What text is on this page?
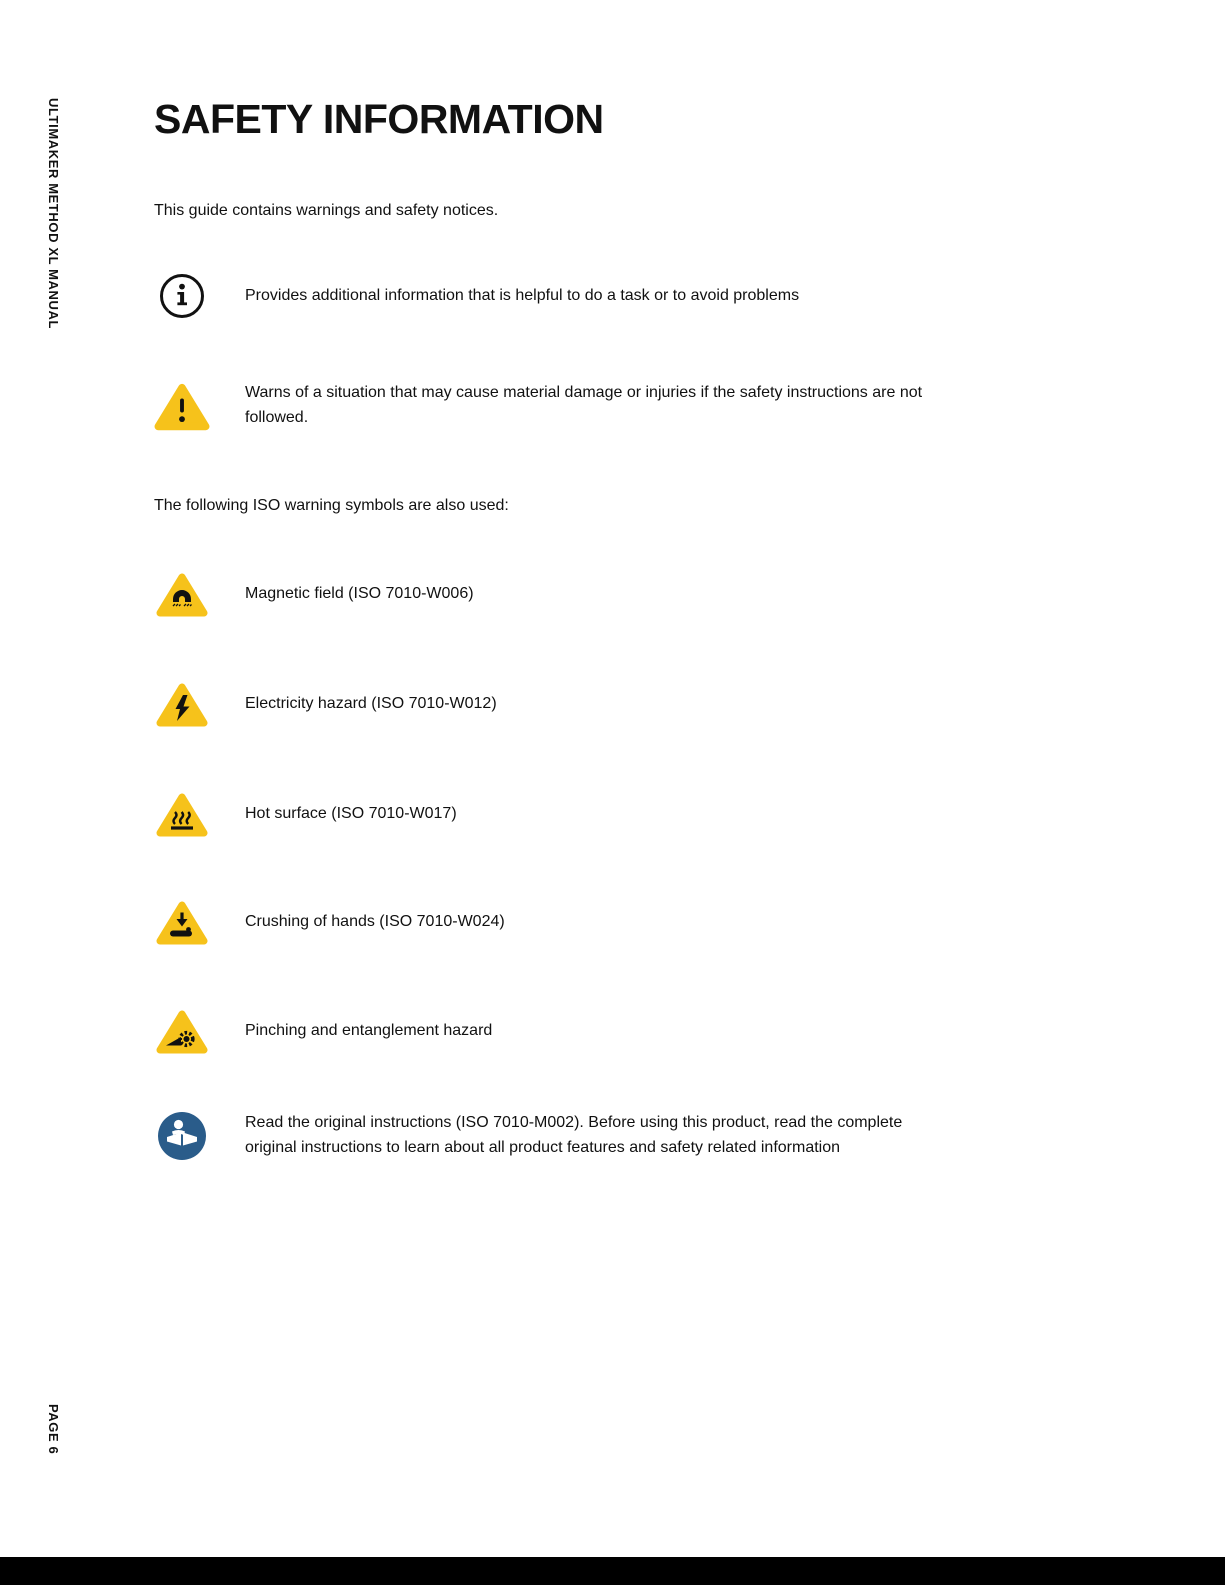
ULTIMAKER METHOD XL MANUAL
PAGE 6
SAFETY INFORMATION

This guide contains warnings and safety notices.

Provides additional information that is helpful to do a task or to avoid problems
Warns of a situation that may cause material damage or injuries if the safety instructions are not followed.

The following ISO warning symbols are also used:

Magnetic field (ISO 7010-W006)
Electricity hazard (ISO 7010-W012)
Hot surface (ISO 7010-W017)
Crushing of hands (ISO 7010-W024)
Pinching and entanglement hazard
Read the original instructions (ISO 7010-M002). Before using this product, read the complete original instructions to learn about all product features and safety related information
